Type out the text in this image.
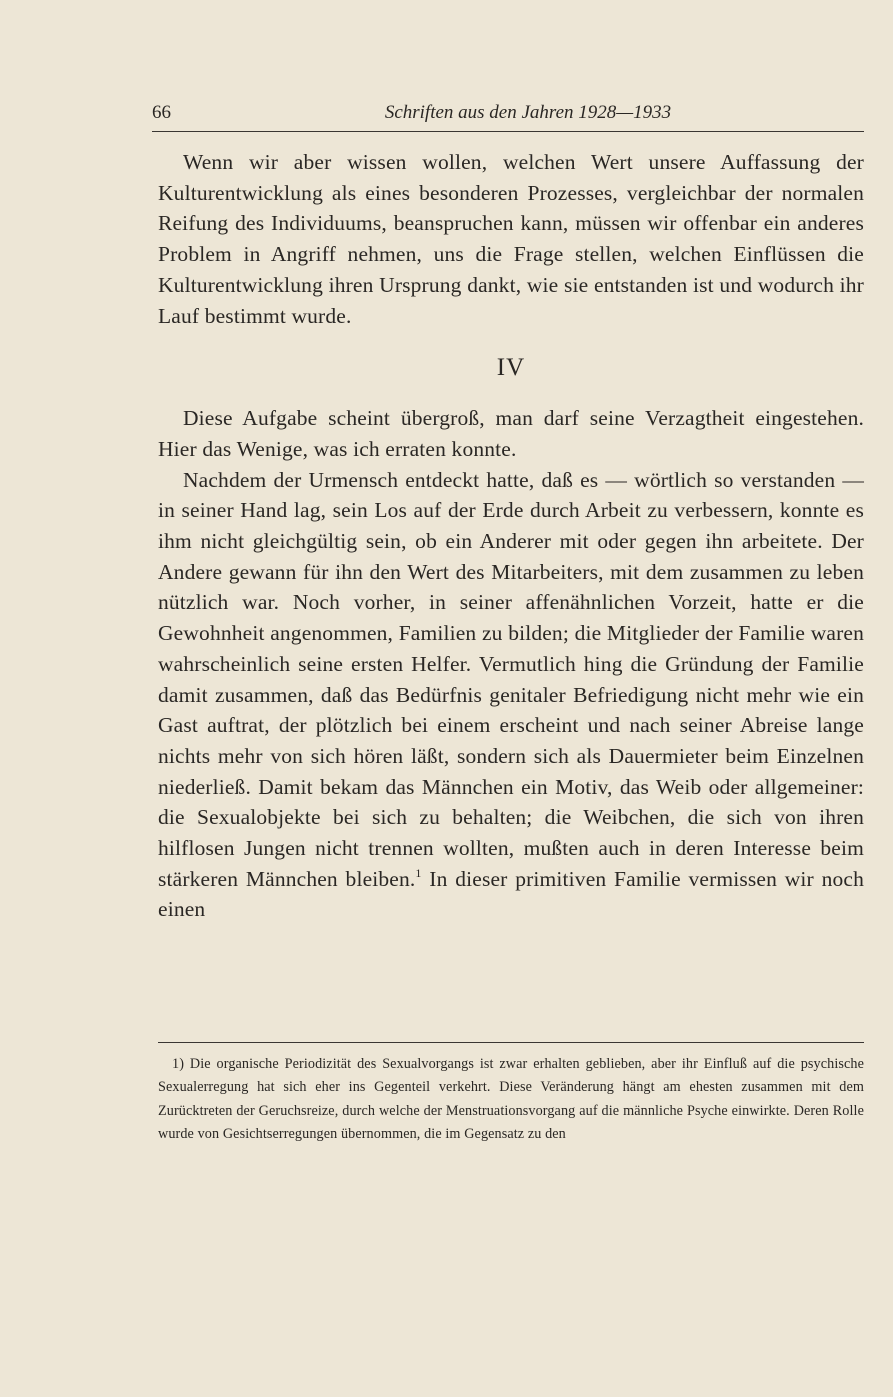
66	Schriften aus den Jahren 1928—1933

Wenn wir aber wissen wollen, welchen Wert unsere Auffassung der Kulturentwicklung als eines besonderen Prozesses, vergleichbar der normalen Reifung des Individuums, beanspruchen kann, müssen wir offenbar ein anderes Problem in Angriff nehmen, uns die Frage stellen, welchen Einflüssen die Kulturentwicklung ihren Ursprung dankt, wie sie entstanden ist und wodurch ihr Lauf bestimmt wurde.

IV

Diese Aufgabe scheint übergroß, man darf seine Verzagtheit eingestehen. Hier das Wenige, was ich erraten konnte.

Nachdem der Urmensch entdeckt hatte, daß es — wörtlich so verstanden — in seiner Hand lag, sein Los auf der Erde durch Arbeit zu verbessern, konnte es ihm nicht gleichgültig sein, ob ein Anderer mit oder gegen ihn arbeitete. Der Andere gewann für ihn den Wert des Mitarbeiters, mit dem zusammen zu leben nützlich war. Noch vorher, in seiner affenähnlichen Vorzeit, hatte er die Gewohnheit angenommen, Familien zu bilden; die Mitglieder der Familie waren wahrscheinlich seine ersten Helfer. Vermutlich hing die Gründung der Familie damit zusammen, daß das Bedürfnis genitaler Befriedigung nicht mehr wie ein Gast auftrat, der plötzlich bei einem erscheint und nach seiner Abreise lange nichts mehr von sich hören läßt, sondern sich als Dauermieter beim Einzelnen niederließ. Damit bekam das Männchen ein Motiv, das Weib oder allgemeiner: die Sexualobjekte bei sich zu behalten; die Weibchen, die sich von ihren hilflosen Jungen nicht trennen wollten, mußten auch in deren Interesse beim stärkeren Männchen bleiben.$^1$ In dieser primitiven Familie vermissen wir noch einen

1) Die organische Periodizität des Sexualvorgangs ist zwar erhalten geblieben, aber ihr Einfluß auf die psychische Sexualerregung hat sich eher ins Gegenteil verkehrt. Diese Veränderung hängt am ehesten zusammen mit dem Zurücktreten der Geruchsreize, durch welche der Menstruationsvorgang auf die männliche Psyche einwirkte. Deren Rolle wurde von Gesichtserregungen übernommen, die im Gegensatz zu den
